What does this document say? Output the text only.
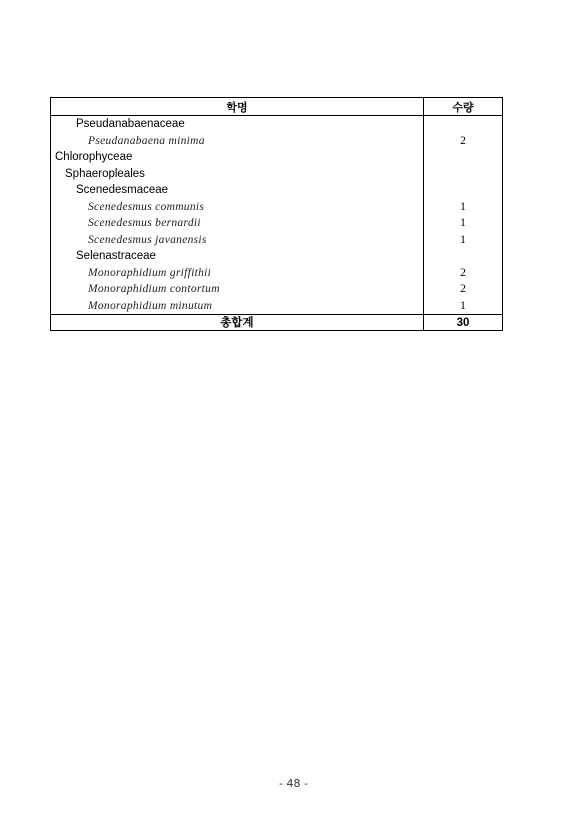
학명	수량
Pseudanabaenaceae	
Pseudanabaena minima	2
Chlorophyceae	
Sphaeropleales	
Scenedesmaceae	
Scenedesmus communis	1
Scenedesmus bernardii	1
Scenedesmus javanensis	1
Selenastraceae	
Monoraphidium griffithii	2
Monoraphidium contortum	2
Monoraphidium minutum	1
총합계	30
- 48 -
